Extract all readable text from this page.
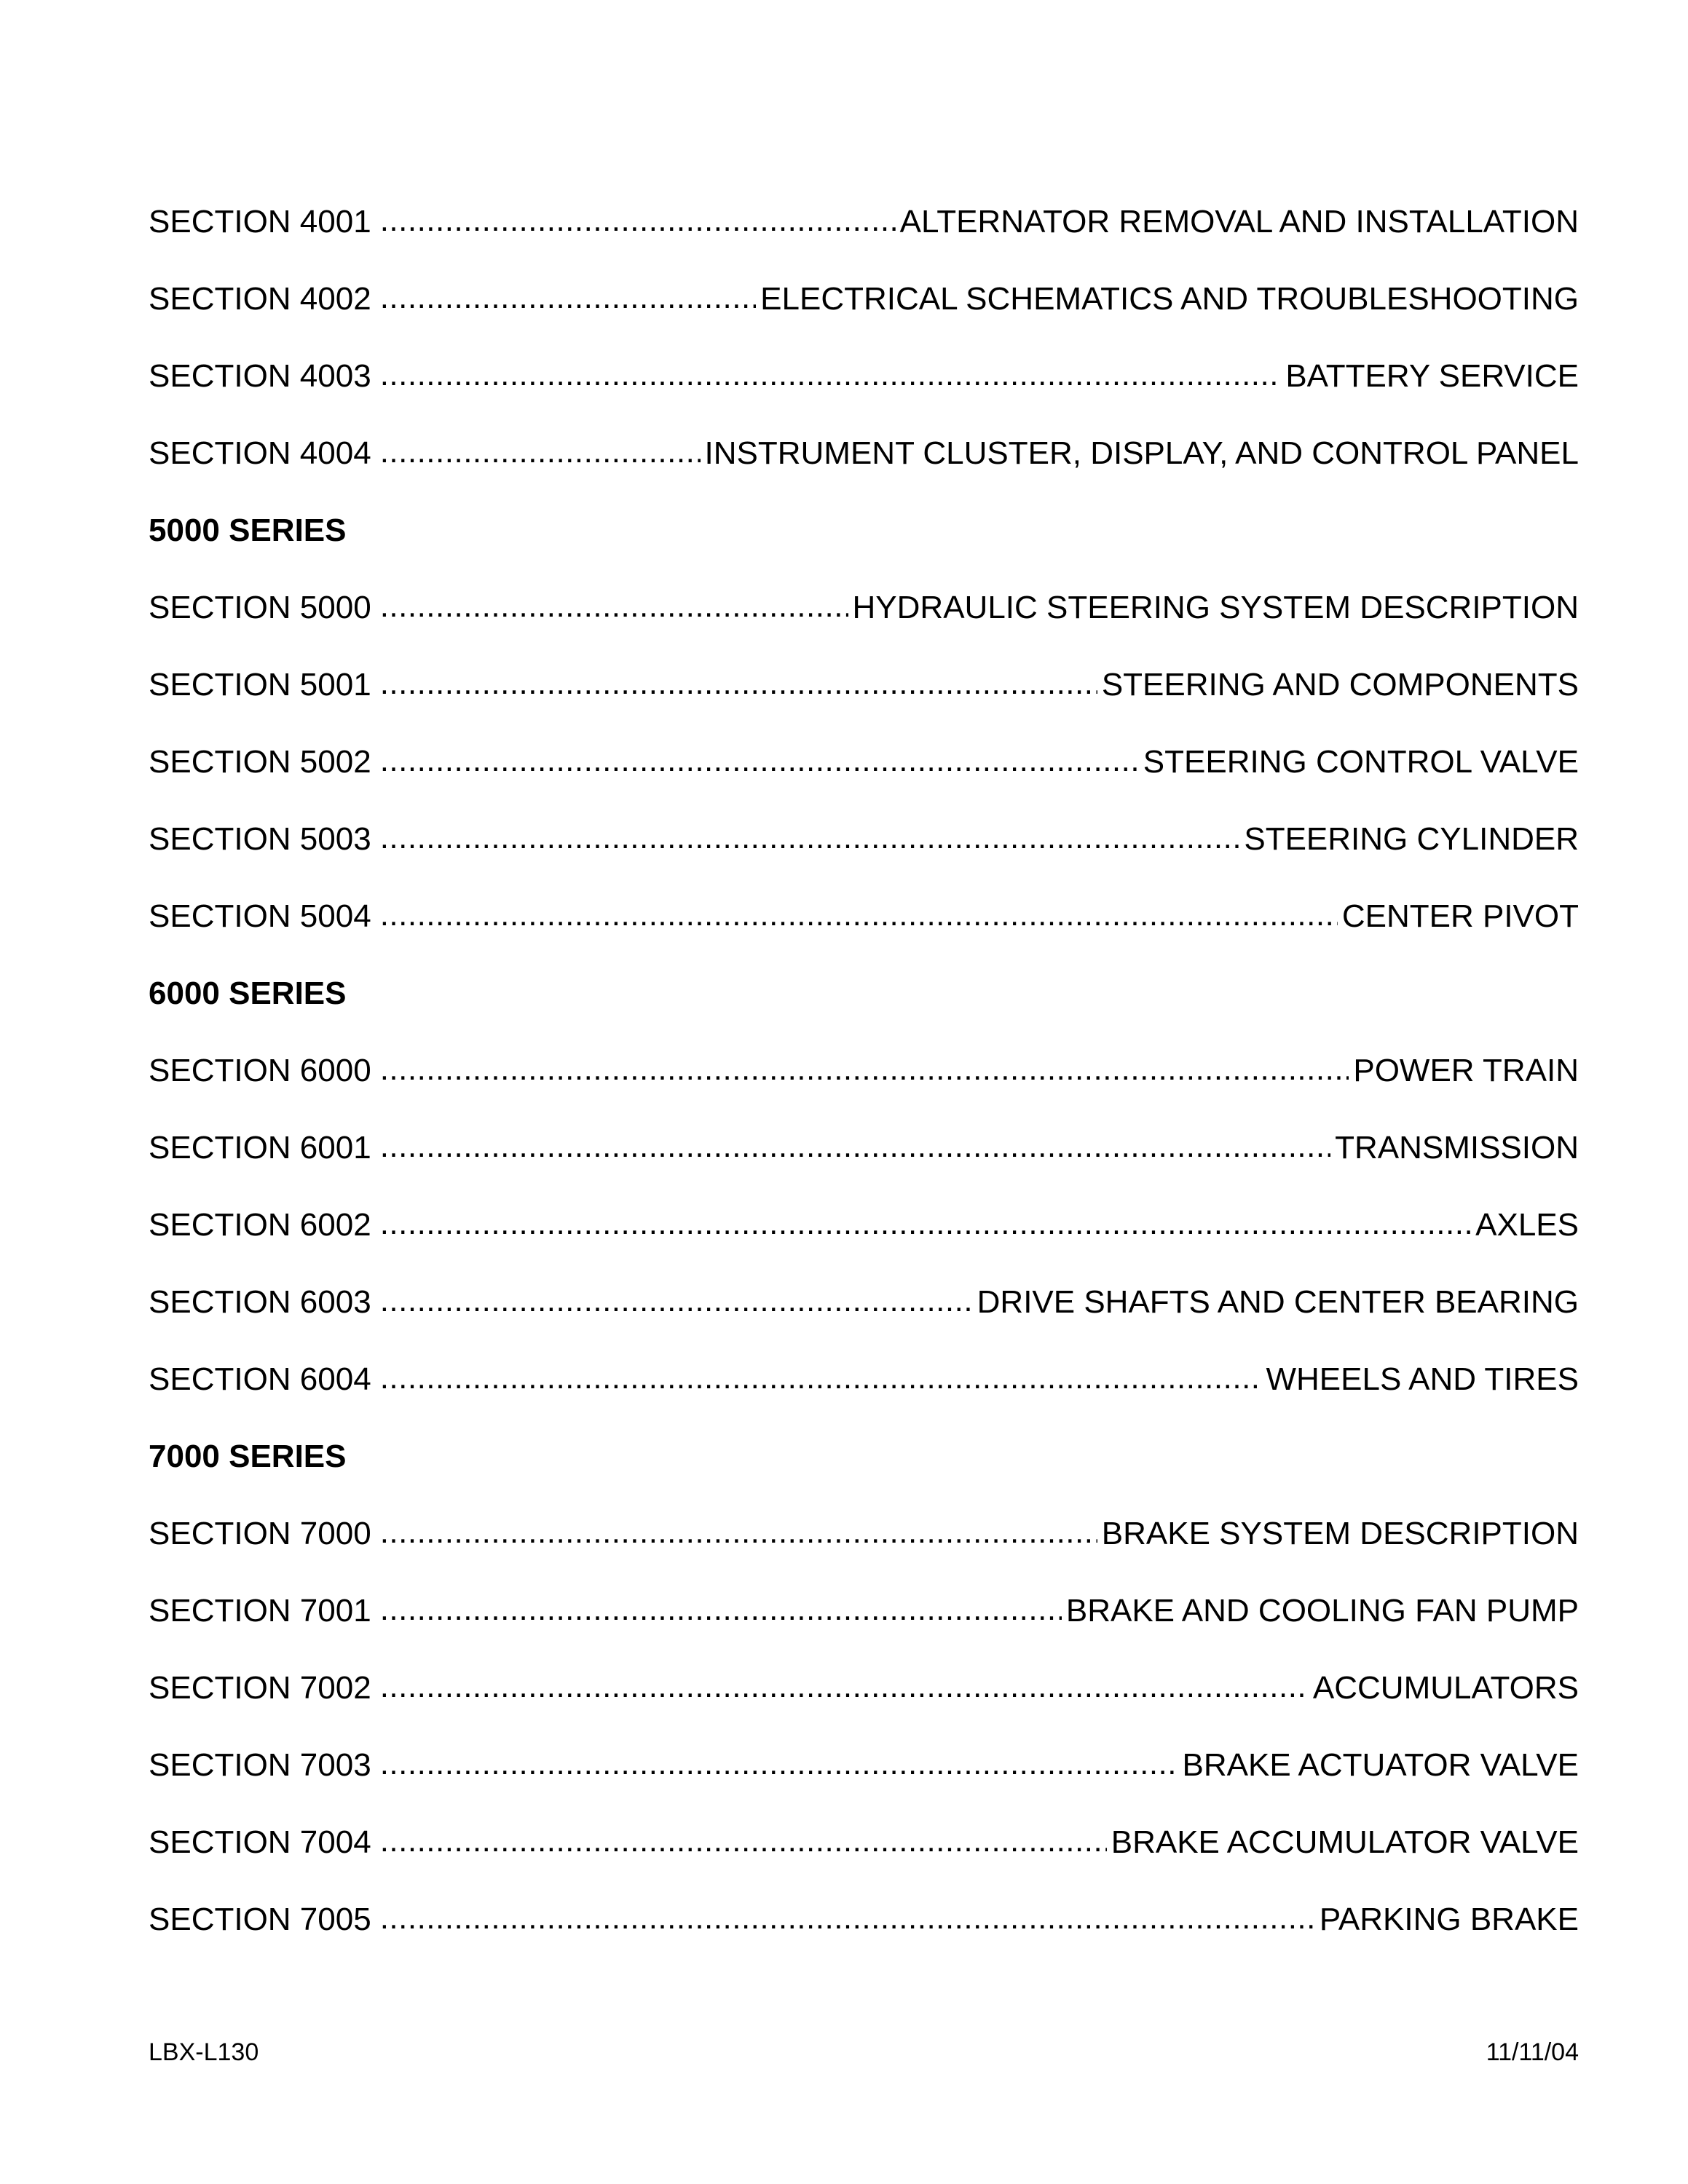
SECTION 4001 .....	ALTERNATOR REMOVAL AND INSTALLATION
SECTION 4002 .....	ELECTRICAL SCHEMATICS AND TROUBLESHOOTING
SECTION 4003 .....	BATTERY SERVICE
SECTION 4004 .....	INSTRUMENT CLUSTER, DISPLAY, AND CONTROL PANEL
5000 SERIES
SECTION 5000 .....	HYDRAULIC STEERING SYSTEM DESCRIPTION
SECTION 5001 .....	STEERING AND COMPONENTS
SECTION 5002 .....	STEERING CONTROL VALVE
SECTION 5003 .....	STEERING CYLINDER
SECTION 5004 .....	CENTER PIVOT
6000 SERIES
SECTION 6000 .....	POWER TRAIN
SECTION 6001 .....	TRANSMISSION
SECTION 6002 .....	AXLES
SECTION 6003 .....	DRIVE SHAFTS AND CENTER BEARING
SECTION 6004 .....	WHEELS AND TIRES
7000 SERIES
SECTION 7000 .....	BRAKE SYSTEM DESCRIPTION
SECTION 7001 .....	BRAKE AND COOLING FAN PUMP
SECTION 7002 .....	ACCUMULATORS
SECTION 7003 .....	BRAKE ACTUATOR VALVE
SECTION 7004 .....	BRAKE ACCUMULATOR VALVE
SECTION 7005 .....	PARKING BRAKE
LBX-L130	11/11/04
